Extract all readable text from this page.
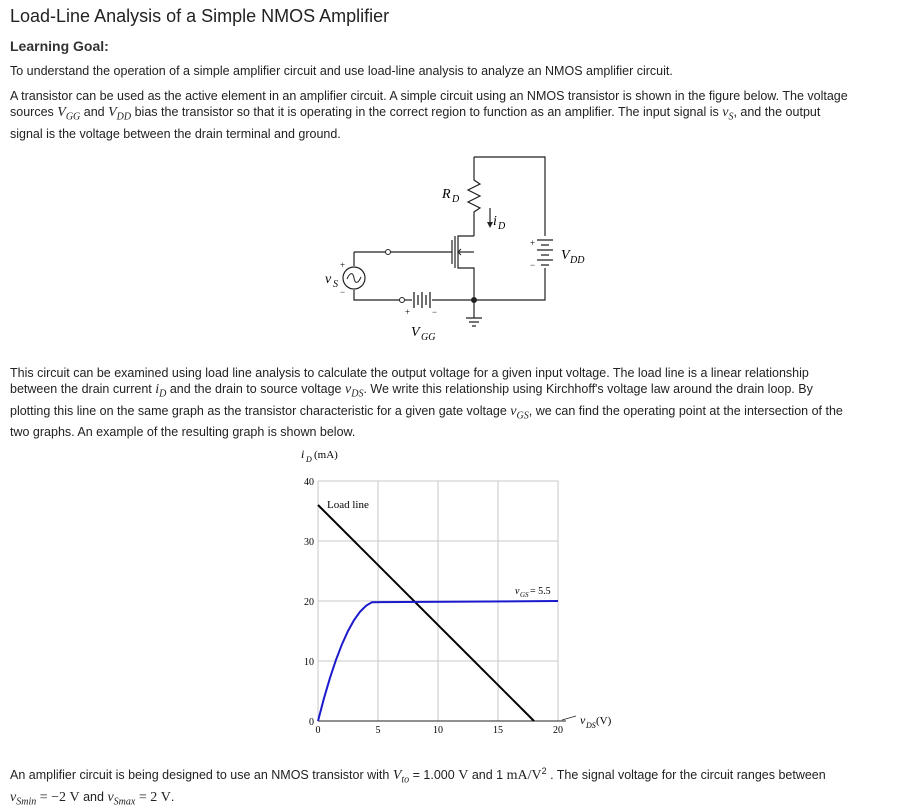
Load-Line Analysis of a Simple NMOS Amplifier
Learning Goal:
To understand the operation of a simple amplifier circuit and use load-line analysis to analyze an NMOS amplifier circuit.
A transistor can be used as the active element in an amplifier circuit. A simple circuit using an NMOS transistor is shown in the figure below. The voltage
sources $V_{GG}$ and $V_{DD}$ bias the transistor so that it is operating in the correct region to function as an amplifier. The input signal is $v_S$, and the output
signal is the voltage between the drain terminal and ground.
R D
i D
V DD
+
−
V GG
+ −
v S
+
−
This circuit can be examined using load line analysis to calculate the output voltage for a given input voltage. The load line is a linear relationship
between the drain current $i_D$ and the drain to source voltage $v_{DS}$. We write this relationship using Kirchhoff's voltage law around the drain loop. By
plotting this line on the same graph as the transistor characteristic for a given gate voltage $v_{GS}$, we can find the operating point at the intersection of the
two graphs. An example of the resulting graph is shown below.
0	5	10	15	20
0
10
20
30
40
i D (mA)
v DS (V)
Load line
v GS = 5.5
An amplifier circuit is being designed to use an NMOS transistor with $V_{to} = 1.000$ V and 1 $mA/V^2$ . The signal voltage for the circuit ranges between
$v_{Smin} = -2$ V and $v_{Smax} = 2$ V.
